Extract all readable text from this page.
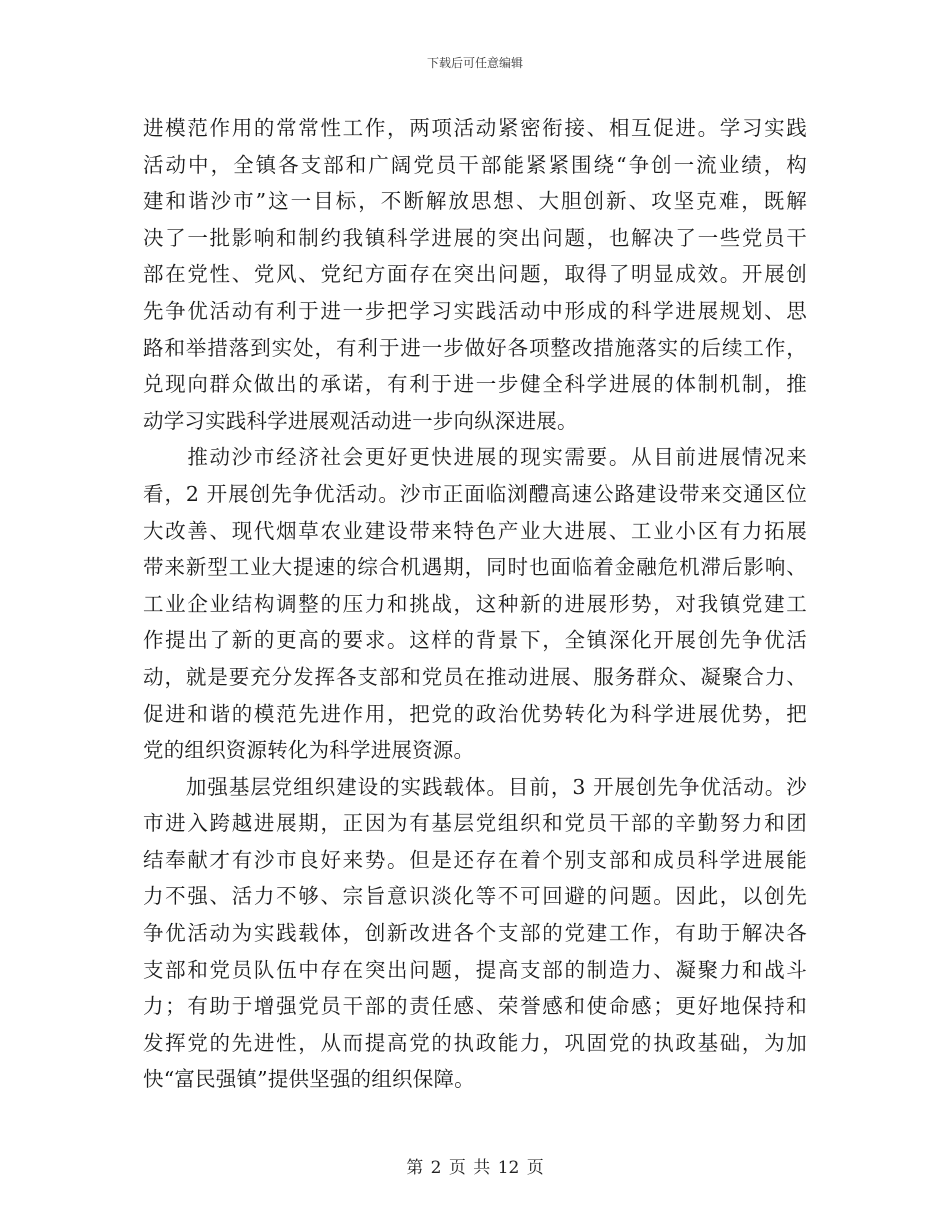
下载后可任意编辑
进模范作用的常常性工作，两项活动紧密衔接、相互促进。学习实践
活动中，全镇各支部和广阔党员干部能紧紧围绕“争创一流业绩，构
建和谐沙市”这一目标，不断解放思想、大胆创新、攻坚克难，既解
决了一批影响和制约我镇科学进展的突出问题，也解决了一些党员干
部在党性、党风、党纪方面存在突出问题，取得了明显成效。开展创
先争优活动有利于进一步把学习实践活动中形成的科学进展规划、思
路和举措落到实处，有利于进一步做好各项整改措施落实的后续工作，
兑现向群众做出的承诺，有利于进一步健全科学进展的体制机制，推
动学习实践科学进展观活动进一步向纵深进展。
　　推动沙市经济社会更好更快进展的现实需要。从目前进展情况来
看，2 开展创先争优活动。沙市正面临浏醴高速公路建设带来交通区位
大改善、现代烟草农业建设带来特色产业大进展、工业小区有力拓展
带来新型工业大提速的综合机遇期，同时也面临着金融危机滞后影响、
工业企业结构调整的压力和挑战，这种新的进展形势，对我镇党建工
作提出了新的更高的要求。这样的背景下，全镇深化开展创先争优活
动，就是要充分发挥各支部和党员在推动进展、服务群众、凝聚合力、
促进和谐的模范先进作用，把党的政治优势转化为科学进展优势，把
党的组织资源转化为科学进展资源。
　　加强基层党组织建设的实践载体。目前，3 开展创先争优活动。沙
市进入跨越进展期，正因为有基层党组织和党员干部的辛勤努力和团
结奉献才有沙市良好来势。但是还存在着个别支部和成员科学进展能
力不强、活力不够、宗旨意识淡化等不可回避的问题。因此，以创先
争优活动为实践载体，创新改进各个支部的党建工作，有助于解决各
支部和党员队伍中存在突出问题，提高支部的制造力、凝聚力和战斗
力；有助于增强党员干部的责任感、荣誉感和使命感；更好地保持和
发挥党的先进性，从而提高党的执政能力，巩固党的执政基础，为加
快“富民强镇”提供坚强的组织保障。
第 2 页 共 12 页
